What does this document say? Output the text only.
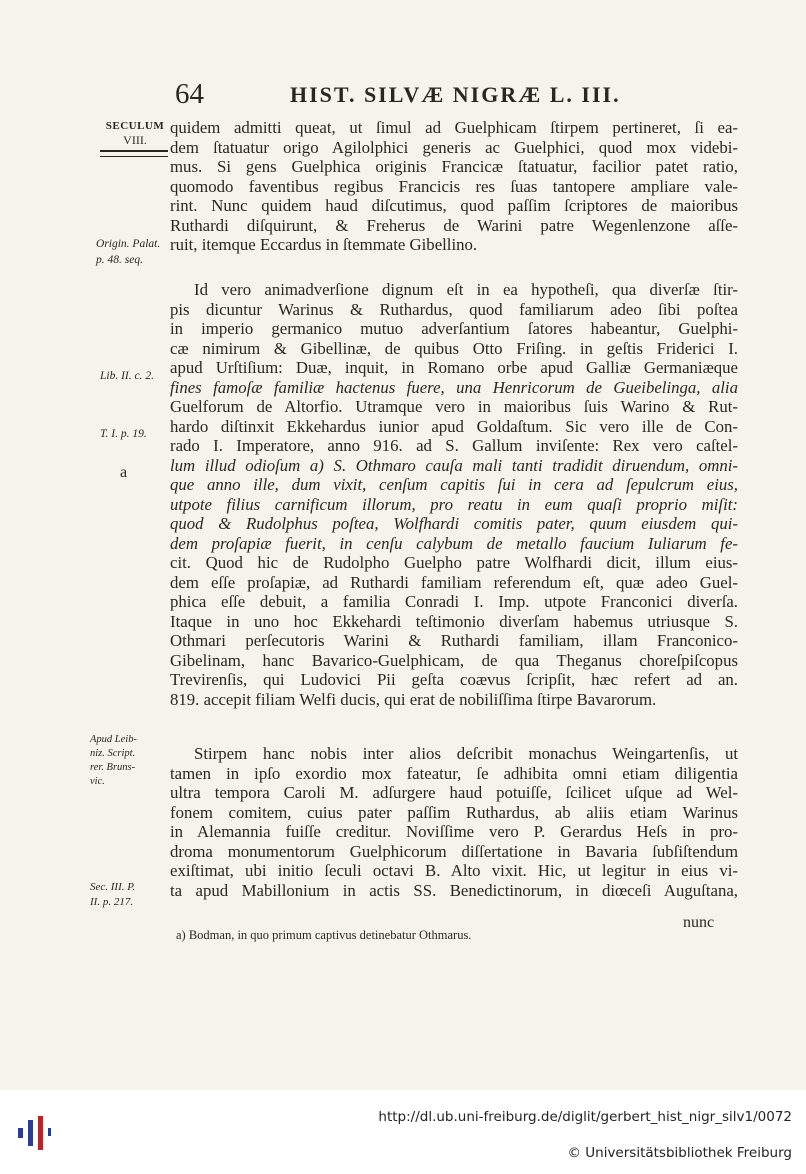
64	HIST. SILVÆ NIGRÆ L. III.
SECULUM
VIII.
Origin. Palat.
p. 48. seq.
Lib. II. c. 2.
T. I. p. 19.
a
Apud Leib-
niz. Script.
rer. Bruns-
vic.
Sec. III. P.
II. p. 217.
quidem admitti queat, ut ſimul ad Guelphicam ſtirpem pertineret, ſi ea-
dem ſtatuatur origo Agilolphici generis ac Guelphici, quod mox videbi-
mus. Si gens Guelphica originis Francicæ ſtatuatur, facilior patet ratio,
quomodo faventibus regibus Francicis res ſuas tantopere ampliare vale-
rint. Nunc quidem haud diſcutimus, quod paſſim ſcriptores de maioribus
Ruthardi diſquirunt, & Freherus de Warini patre Wegenlenzone aſſe-
ruit, itemque Eccardus in ſtemmate Gibellino.
Id vero animadverſione dignum eſt in ea hypotheſi, qua diverſæ ſtir-
pis dicuntur Warinus & Ruthardus, quod familiarum adeo ſibi poſtea
in imperio germanico mutuo adverſantium ſatores habeantur, Guelphi-
cæ nimirum & Gibellinæ, de quibus Otto Friſing. in geſtis Friderici I.
apud Urſtiſium: Duæ, inquit, in Romano orbe apud Galliæ Germaniæque
fines famoſæ familiæ hactenus fuere, una Henricorum de Gueibelinga, alia
Guelforum de Altorfio. Utramque vero in maioribus ſuis Warino & Rut-
hardo diſtinxit Ekkehardus iunior apud Goldaſtum. Sic vero ille de Con-
rado I. Imperatore, anno 916. ad S. Gallum inviſente: Rex vero caſtel-
lum illud odioſum a) S. Othmaro cauſa mali tanti tradidit diruendum, omni-
que anno ille, dum vixit, cenſum capitis ſui in cera ad ſepulcrum eius,
utpote filius carnificum illorum, pro reatu in eum quaſi proprio miſit:
quod & Rudolphus poſtea, Wolfhardi comitis pater, quum eiusdem qui-
dem proſapiæ fuerit, in cenſu calybum de metallo faucium Iuliarum fe-
cit. Quod hic de Rudolpho Guelpho patre Wolfhardi dicit, illum eius-
dem eſſe proſapiæ, ad Ruthardi familiam referendum eſt, quæ adeo Guel-
phica eſſe debuit, a familia Conradi I. Imp. utpote Franconici diverſa.
Itaque in uno hoc Ekkehardi teſtimonio diverſam habemus utriusque S.
Othmari perſecutoris Warini & Ruthardi familiam, illam Franconico-
Gibelinam, hanc Bavarico-Guelphicam, de qua Theganus choreſpiſcopus
Trevirenſis, qui Ludovici Pii geſta coævus ſcripſit, hæc refert ad an.
819. accepit filiam Welfi ducis, qui erat de nobiliſſima ſtirpe Bavarorum.
Stirpem hanc nobis inter alios deſcribit monachus Weingartenſis, ut
tamen in ipſo exordio mox fateatur, ſe adhibita omni etiam diligentia
ultra tempora Caroli M. adſurgere haud potuiſſe, ſcilicet uſque ad Wel-
fonem comitem, cuius pater paſſim Ruthardus, ab aliis etiam Warinus
in Alemannia fuiſſe creditur. Noviſſime vero P. Gerardus Heſs in pro-
droma monumentorum Guelphicorum diſſertatione in Bavaria ſubſiſtendum
exiſtimat, ubi initio ſeculi octavi B. Alto vixit. Hic, ut legitur in eius vi-
ta apud Mabillonium in actis SS. Benedictinorum, in diœceſi Auguſtana,
nunc
a) Bodman, in quo primum captivus detinebatur Othmarus.
http://dl.ub.uni-freiburg.de/diglit/gerbert_hist_nigr_silv1/0072
© Universitätsbibliothek Freiburg
